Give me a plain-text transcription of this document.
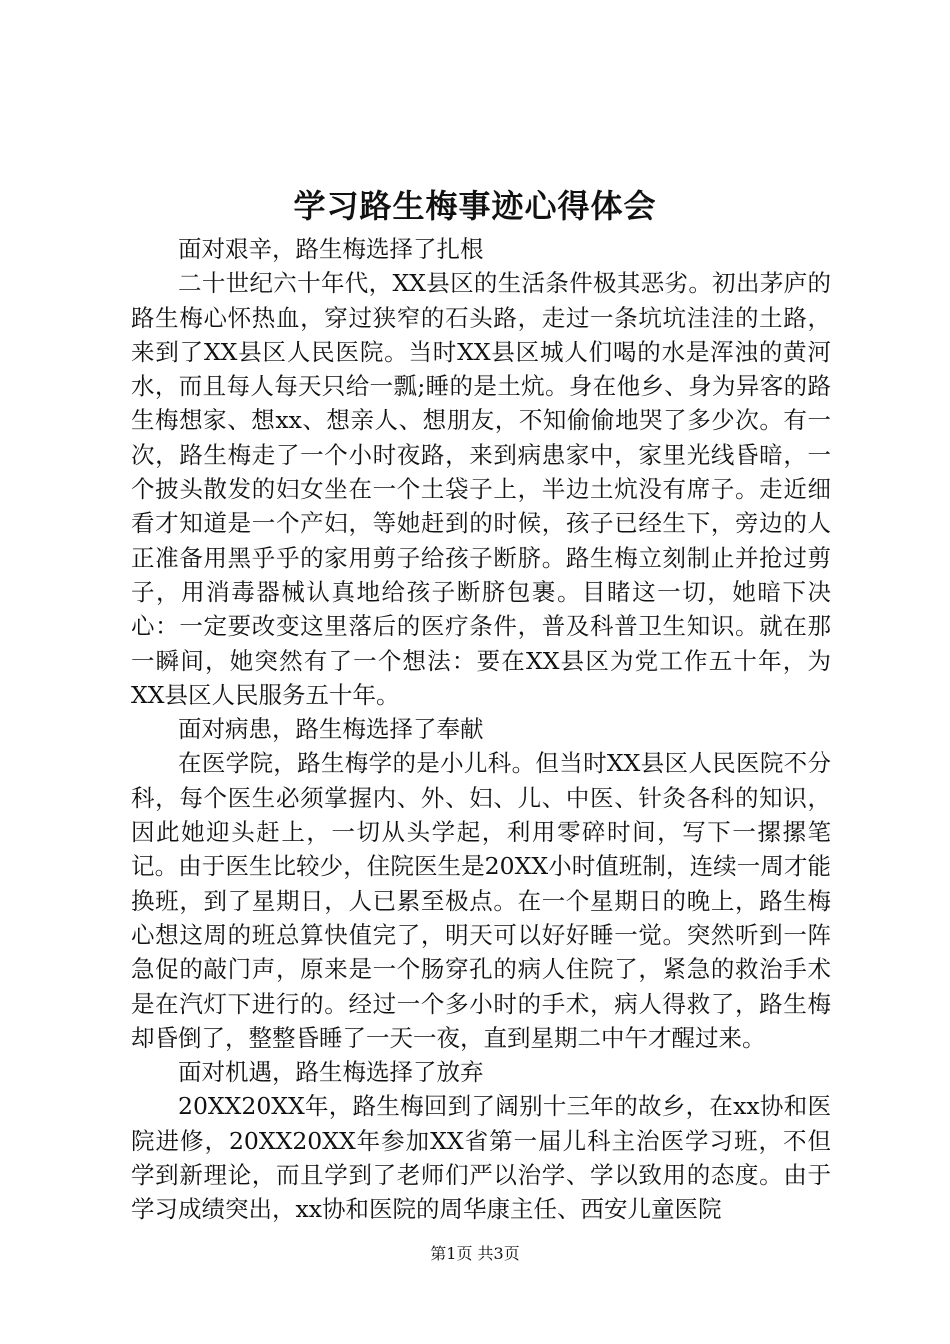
学习路生梅事迹心得体会

面对艰辛，路生梅选择了扎根

二十世纪六十年代，XX县区的生活条件极其恶劣。初出茅庐的路生梅心怀热血，穿过狭窄的石头路，走过一条坑坑洼洼的土路，来到了XX县区人民医院。当时XX县区城人们喝的水是浑浊的黄河水，而且每人每天只给一瓢;睡的是土炕。身在他乡、身为异客的路生梅想家、想xx、想亲人、想朋友，不知偷偷地哭了多少次。有一次，路生梅走了一个小时夜路，来到病患家中，家里光线昏暗，一个披头散发的妇女坐在一个土袋子上，半边土炕没有席子。走近细看才知道是一个产妇，等她赶到的时候，孩子已经生下，旁边的人正准备用黑乎乎的家用剪子给孩子断脐。路生梅立刻制止并抢过剪子，用消毒器械认真地给孩子断脐包裹。目睹这一切，她暗下决心：一定要改变这里落后的医疗条件，普及科普卫生知识。就在那一瞬间，她突然有了一个想法：要在XX县区为党工作五十年，为XX县区人民服务五十年。

面对病患，路生梅选择了奉献

在医学院，路生梅学的是小儿科。但当时XX县区人民医院不分科，每个医生必须掌握内、外、妇、儿、中医、针灸各科的知识，因此她迎头赶上，一切从头学起，利用零碎时间，写下一摞摞笔记。由于医生比较少，住院医生是20XX小时值班制，连续一周才能换班，到了星期日，人已累至极点。在一个星期日的晚上，路生梅心想这周的班总算快值完了，明天可以好好睡一觉。突然听到一阵急促的敲门声，原来是一个肠穿孔的病人住院了，紧急的救治手术是在汽灯下进行的。经过一个多小时的手术，病人得救了，路生梅却昏倒了，整整昏睡了一天一夜，直到星期二中午才醒过来。

面对机遇，路生梅选择了放弃

20XX20XX年，路生梅回到了阔别十三年的故乡，在xx协和医院进修，20XX20XX年参加XX省第一届儿科主治医学习班，不但学到新理论，而且学到了老师们严以治学、学以致用的态度。由于学习成绩突出，xx协和医院的周华康主任、西安儿童医院

第1页 共3页
